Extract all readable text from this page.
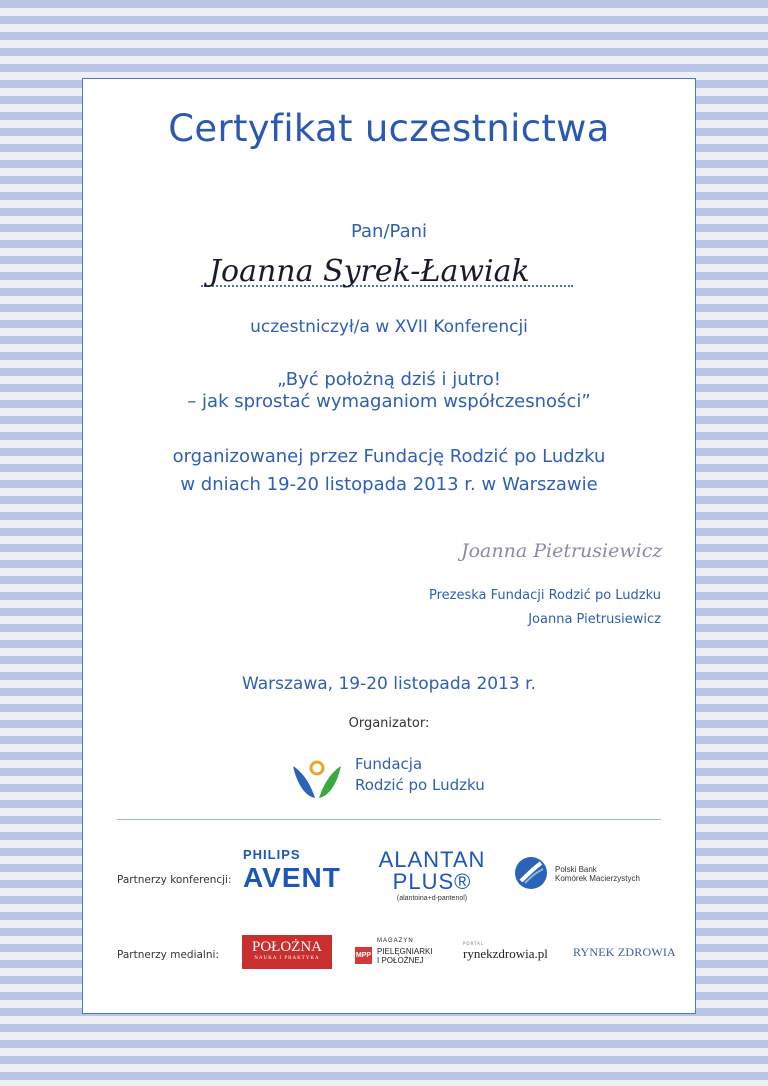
Certyfikat uczestnictwa
Pan/Pani
Joanna Syrek-Ławiak
uczestniczył/a w XVII Konferencji
„Być położną dziś i jutro!
– jak sprostać wymaganiom współczesności”
organizowanej przez Fundację Rodzić po Ludzku
w dniach 19-20 listopada 2013 r. w Warszawie
Joanna Pietrusiewicz
Prezeska Fundacji Rodzić po Ludzku
Joanna Pietrusiewicz
Warszawa, 19-20 listopada 2013 r.
Organizator:
Fundacja
Rodzić po Ludzku
Partnerzy konferencji:
PHILIPS
AVENT
ALANTAN
PLUS®
(alantoina+d-pantenol)
Polski Bank
Komórek Macierzystych
Partnerzy medialni:	POŁOŻNA
NAUKA I PRAKTYKA
MAGAZYN
MPP PIELĘGNIARKI
I POŁOŻNEJ
PORTAL
rynekzdrowia.pl	RYNEK ZDROWIA
